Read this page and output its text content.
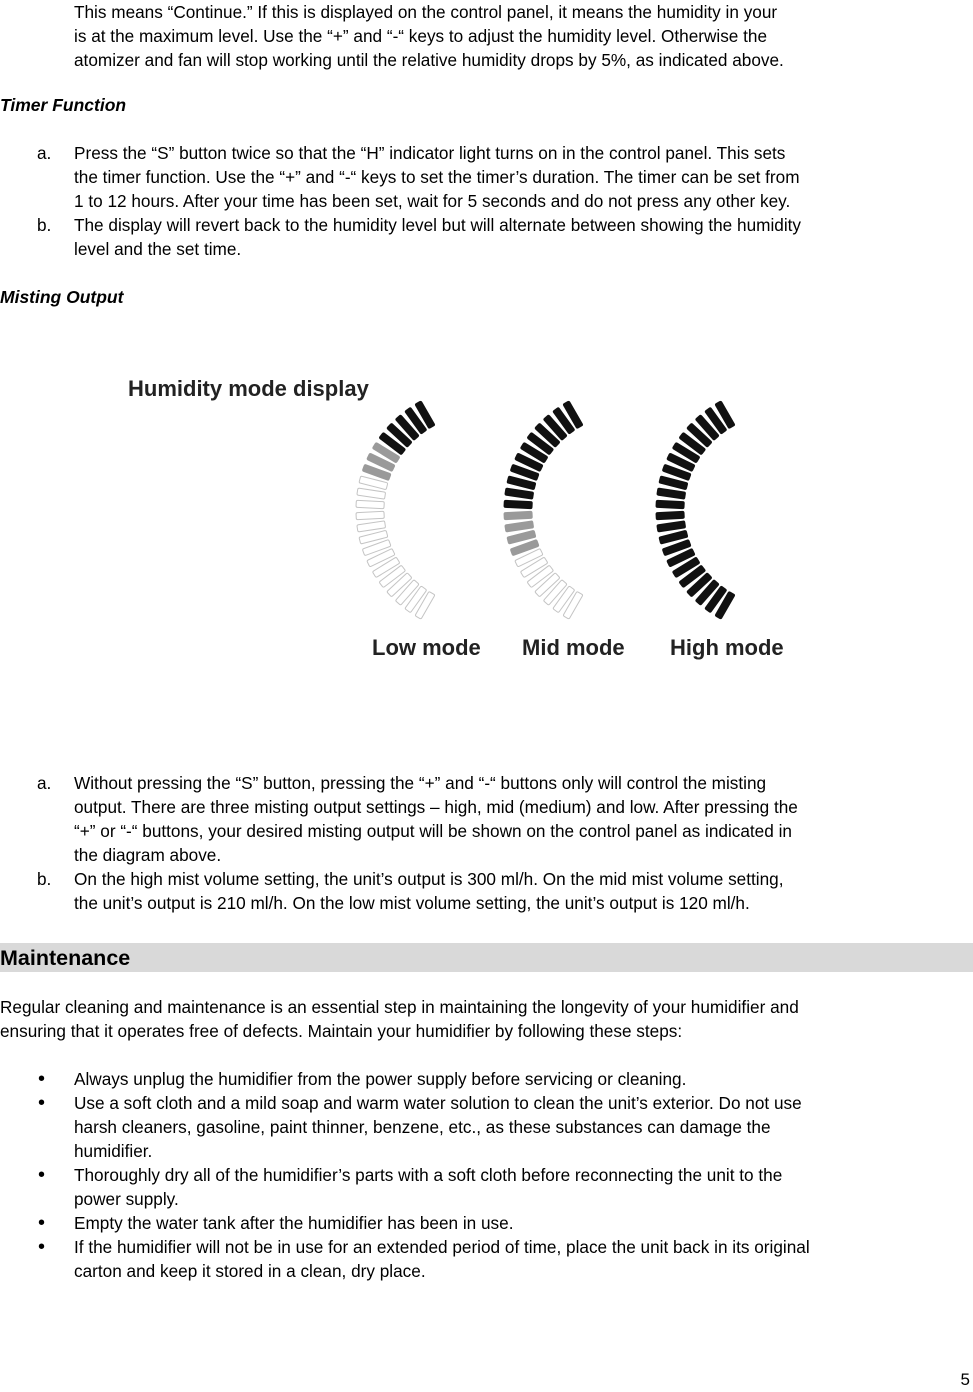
This means “Continue.” If this is displayed on the control panel, it means the humidity in your
is at the maximum level. Use the “+” and “-“ keys to adjust the humidity level. Otherwise the
atomizer and fan will stop working until the relative humidity drops by 5%, as indicated above.
Timer Function
a. Press the “S” button twice so that the “H” indicator light turns on in the control panel. This sets
the timer function. Use the “+” and “-“ keys to set the timer’s duration. The timer can be set from
1 to 12 hours. After your time has been set, wait for 5 seconds and do not press any other key.
b. The display will revert back to the humidity level but will alternate between showing the humidity
level and the set time.
Misting Output
Humidity mode display
Low mode Mid mode High mode
a. Without pressing the “S” button, pressing the “+” and “-“ buttons only will control the misting
output. There are three misting output settings – high, mid (medium) and low. After pressing the
“+” or “-“ buttons, your desired misting output will be shown on the control panel as indicated in
the diagram above.
b. On the high mist volume setting, the unit’s output is 300 ml/h. On the mid mist volume setting,
the unit’s output is 210 ml/h. On the low mist volume setting, the unit’s output is 120 ml/h.
Maintenance
Regular cleaning and maintenance is an essential step in maintaining the longevity of your humidifier and
ensuring that it operates free of defects. Maintain your humidifier by following these steps:
• Always unplug the humidifier from the power supply before servicing or cleaning.
• Use a soft cloth and a mild soap and warm water solution to clean the unit’s exterior. Do not use
harsh cleaners, gasoline, paint thinner, benzene, etc., as these substances can damage the
humidifier.
• Thoroughly dry all of the humidifier’s parts with a soft cloth before reconnecting the unit to the
power supply.
• Empty the water tank after the humidifier has been in use.
• If the humidifier will not be in use for an extended period of time, place the unit back in its original
carton and keep it stored in a clean, dry place.
5
